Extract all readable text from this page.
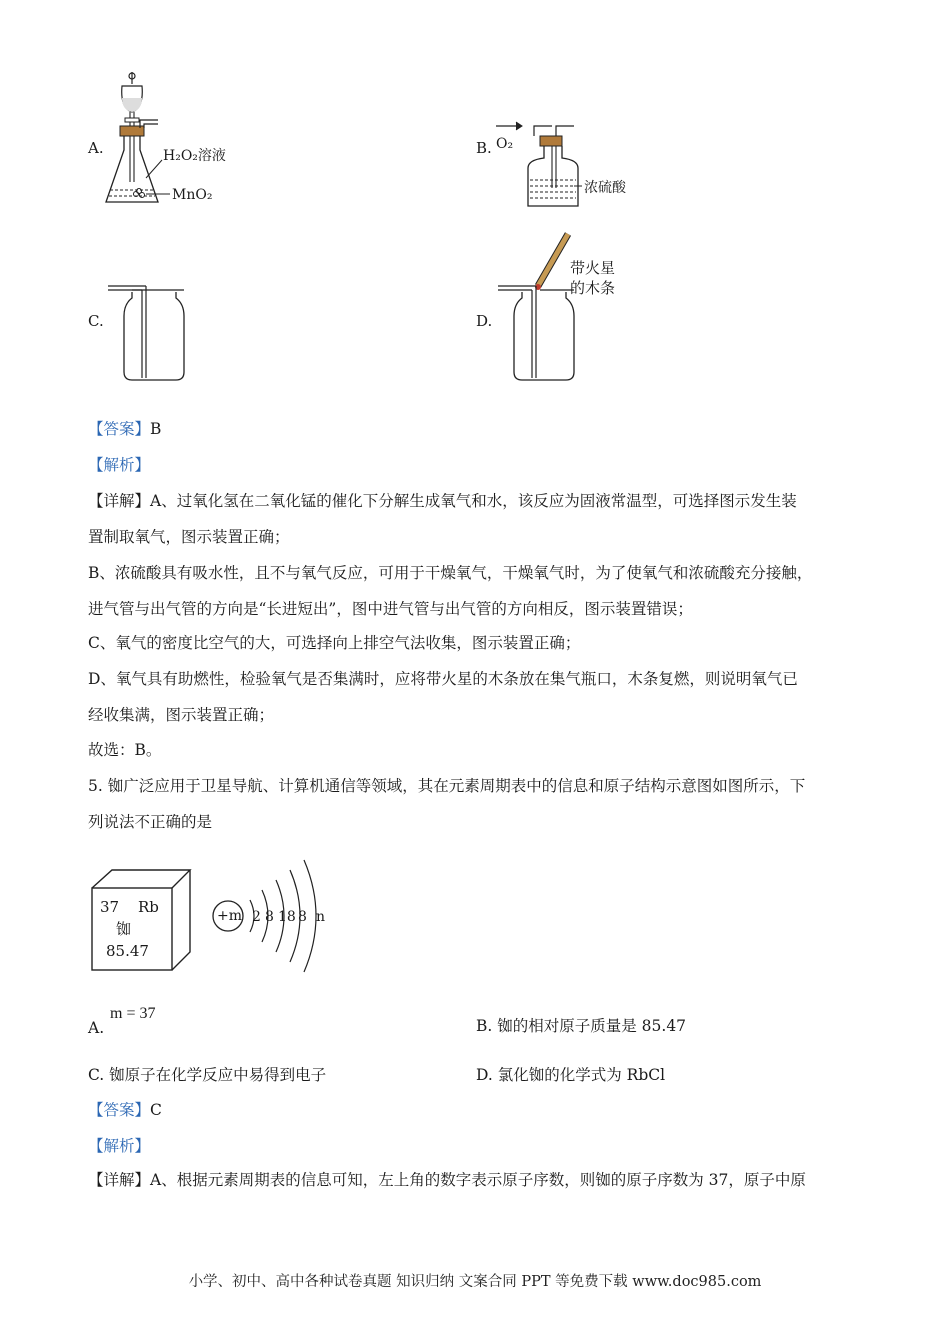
A.	H₂O₂溶液
MnO₂
B. O₂
浓硫酸
C.	D.
带火星
的木条
【答案】B
【解析】
【详解】A、过氧化氢在二氧化锰的催化下分解生成氧气和水，该反应为固液常温型，可选择图示发生装
置制取氧气，图示装置正确；
B、浓硫酸具有吸水性，且不与氧气反应，可用于干燥氧气，干燥氧气时，为了使氧气和浓硫酸充分接触，
进气管与出气管的方向是“长进短出”，图中进气管与出气管的方向相反，图示装置错误；
C、氧气的密度比空气的大，可选择向上排空气法收集，图示装置正确；
D、氧气具有助燃性，检验氧气是否集满时，应将带火星的木条放在集气瓶口，木条复燃，则说明氧气已
经收集满，图示装置正确；
故选：B。
5. 铷广泛应用于卫星导航、计算机通信等领域，其在元素周期表中的信息和原子结构示意图如图所示，下
列说法不正确的是
37 Rb
铷
85.47
+m 2 8 18 8 n
A.
m = 37
B. 铷的相对原子质量是 85.47
C. 铷原子在化学反应中易得到电子	D. 氯化铷的化学式为 RbCl
【答案】C
【解析】
【详解】A、根据元素周期表的信息可知，左上角的数字表示原子序数，则铷的原子序数为 37，原子中原
小学、初中、高中各种试卷真题 知识归纳 文案合同 PPT 等免费下载 www.doc985.com
